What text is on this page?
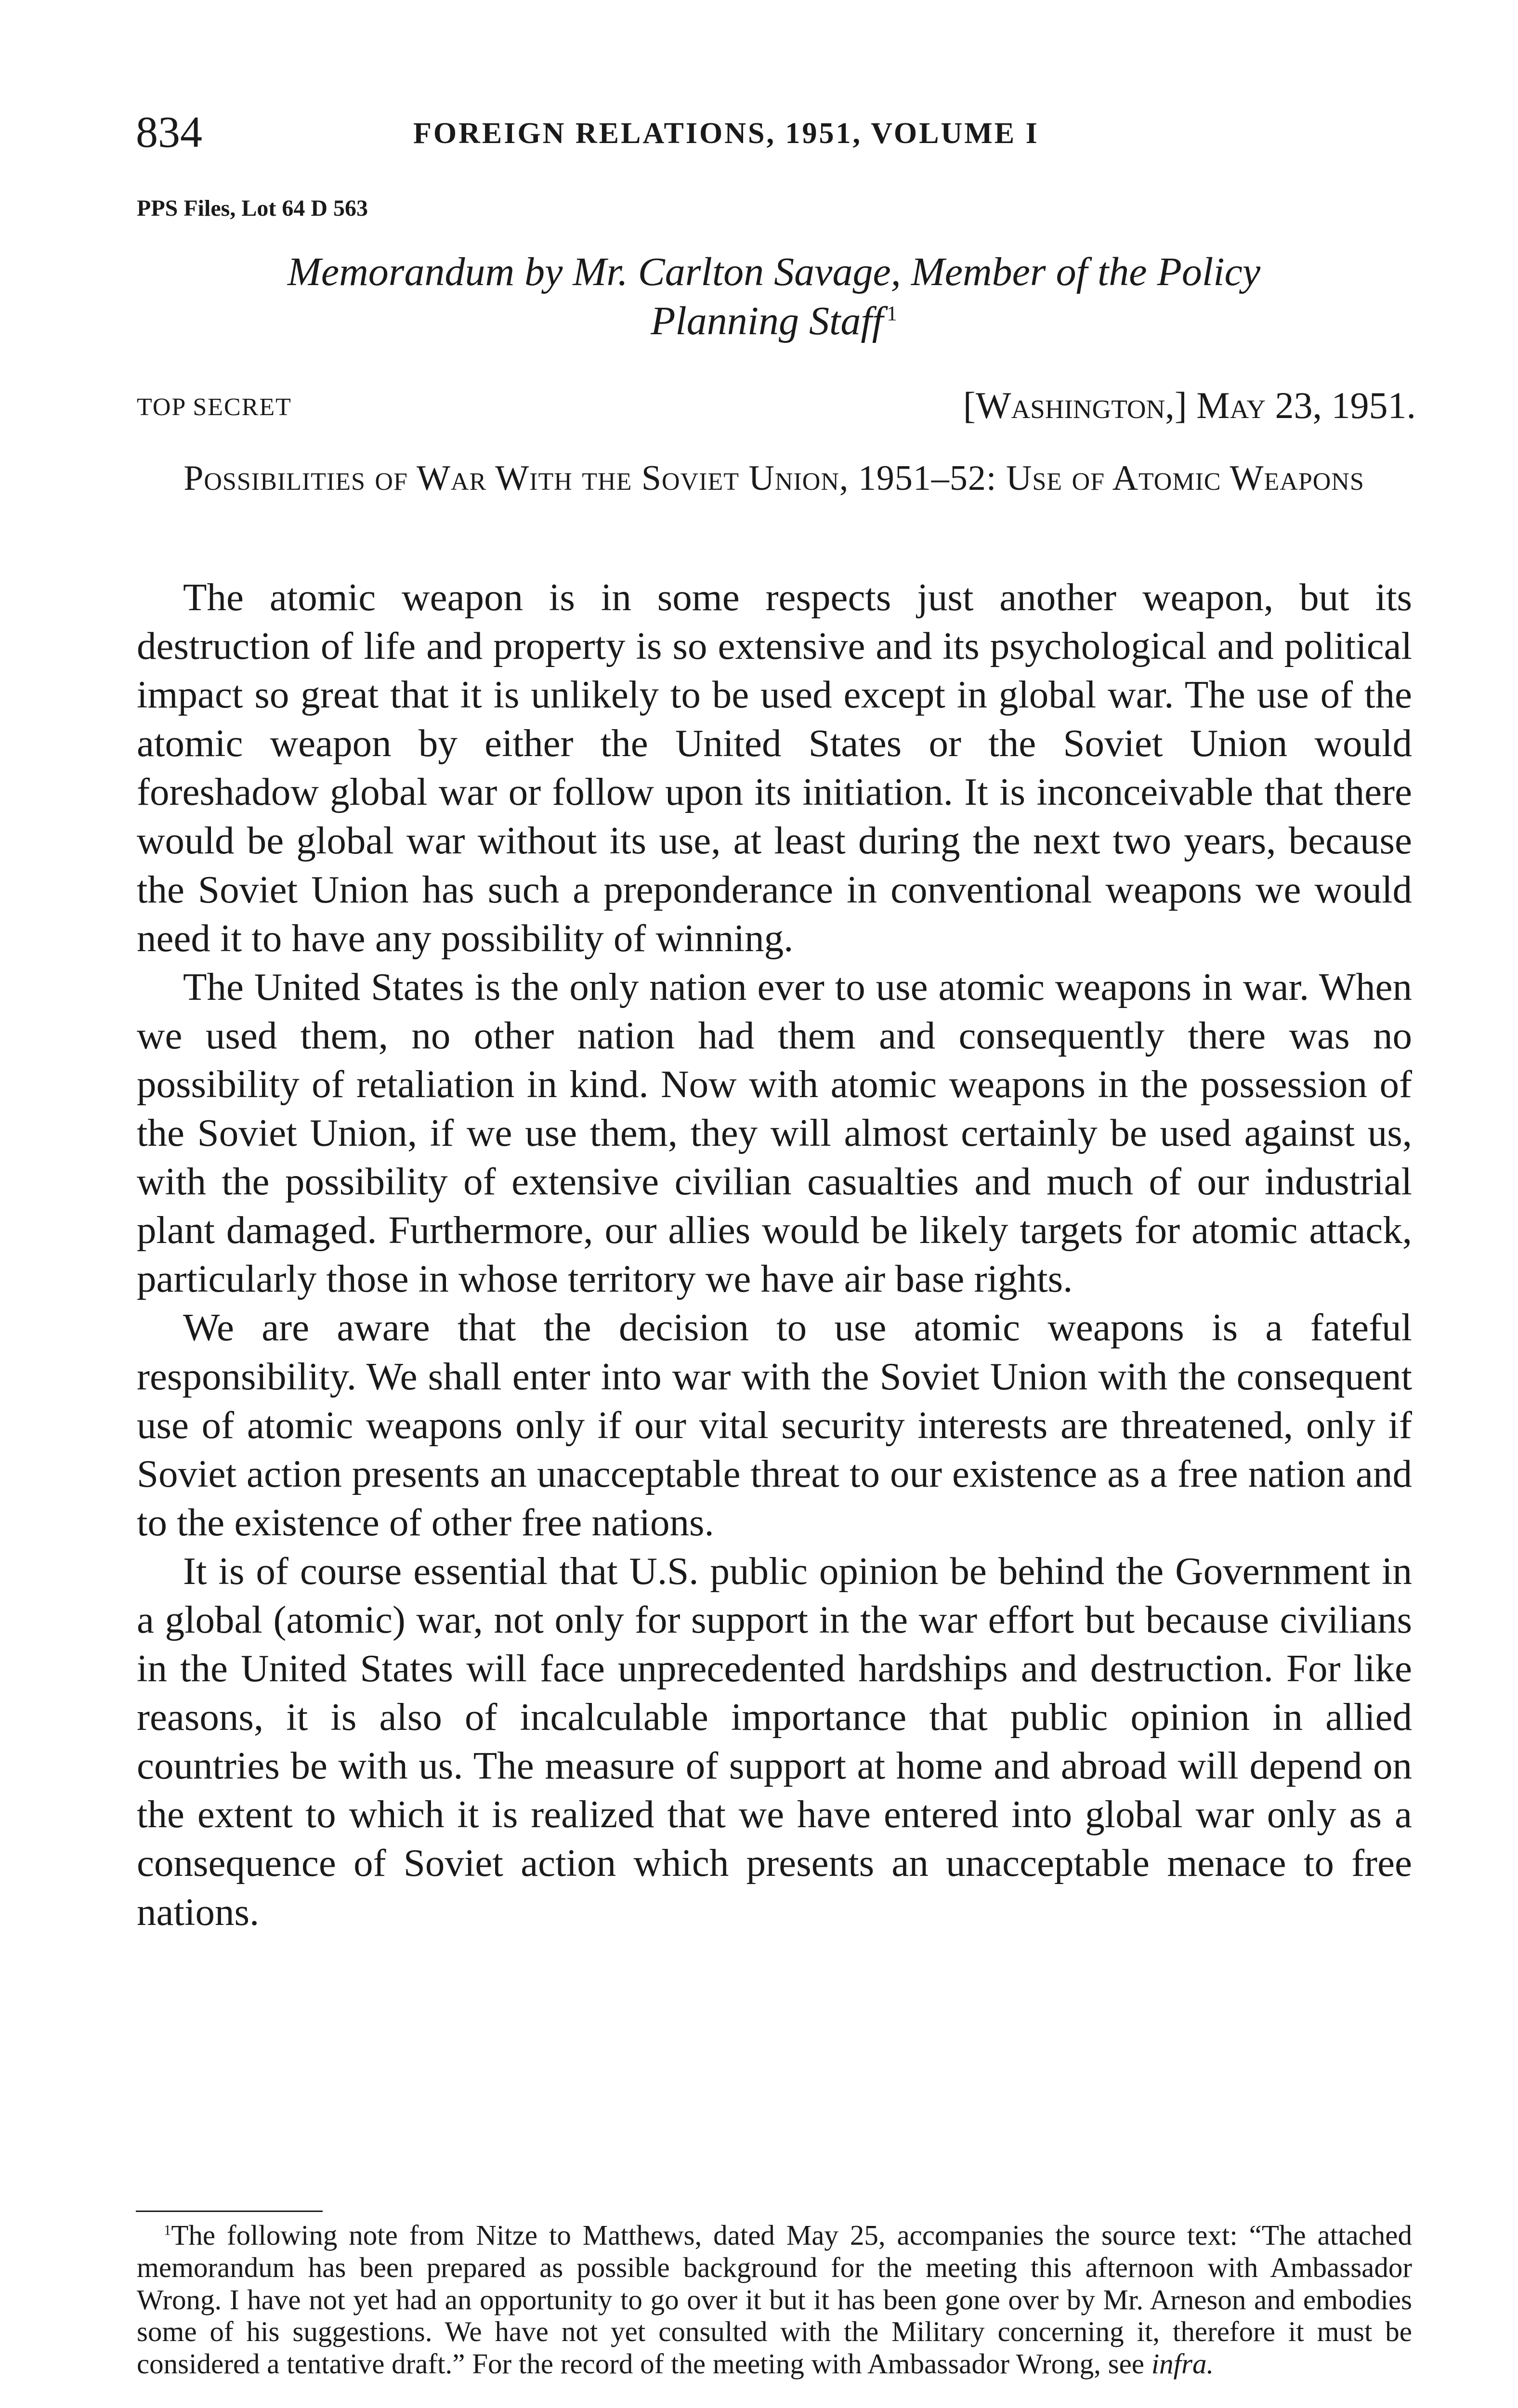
834	FOREIGN RELATIONS, 1951, VOLUME I
PPS Files, Lot 64 D 563
Memorandum by Mr. Carlton Savage, Member of the Policy
Planning Staff  $^1$
TOP SECRET	[Washington,] May 23, 1951.
Possibilities of War With the Soviet Union, 1951–52: Use of Atomic Weapons

The atomic weapon is in some respects just another weapon, but its destruction of life and property is so extensive and its psychological and political impact so great that it is unlikely to be used except in global war. The use of the atomic weapon by either the United States or the Soviet Union would foreshadow global war or follow upon its initiation. It is inconceivable that there would be global war without its use, at least during the next two years, because the Soviet Union has such a preponderance in conventional weapons we would need it to have any possibility of winning.

The United States is the only nation ever to use atomic weapons in war. When we used them, no other nation had them and consequently there was no possibility of retaliation in kind. Now with atomic weapons in the possession of the Soviet Union, if we use them, they will almost certainly be used against us, with the possibility of extensive civilian casualties and much of our industrial plant damaged. Furthermore, our allies would be likely targets for atomic attack, particularly those in whose territory we have air base rights.

We are aware that the decision to use atomic weapons is a fateful responsibility. We shall enter into war with the Soviet Union with the consequent use of atomic weapons only if our vital security interests are threatened, only if Soviet action presents an unacceptable threat to our existence as a free nation and to the existence of other free nations.

It is of course essential that U.S. public opinion be behind the Government in a global (atomic) war, not only for support in the war effort but because civilians in the United States will face unprecedented hardships and destruction. For like reasons, it is also of incalculable importance that public opinion in allied countries be with us. The measure of support at home and abroad will depend on the extent to which it is realized that we have entered into global war only as a consequence of Soviet action which presents an unacceptable menace to free nations.

$^1$The following note from Nitze to Matthews, dated May 25, accompanies the source text: “The attached memorandum has been prepared as possible background for the meeting this afternoon with Ambassador Wrong. I have not yet had an opportunity to go over it but it has been gone over by Mr. Arneson and embodies some of his suggestions. We have not yet consulted with the Military concerning it, therefore it must be considered a tentative draft.” For the record of the meeting with Ambassador Wrong, see infra.
